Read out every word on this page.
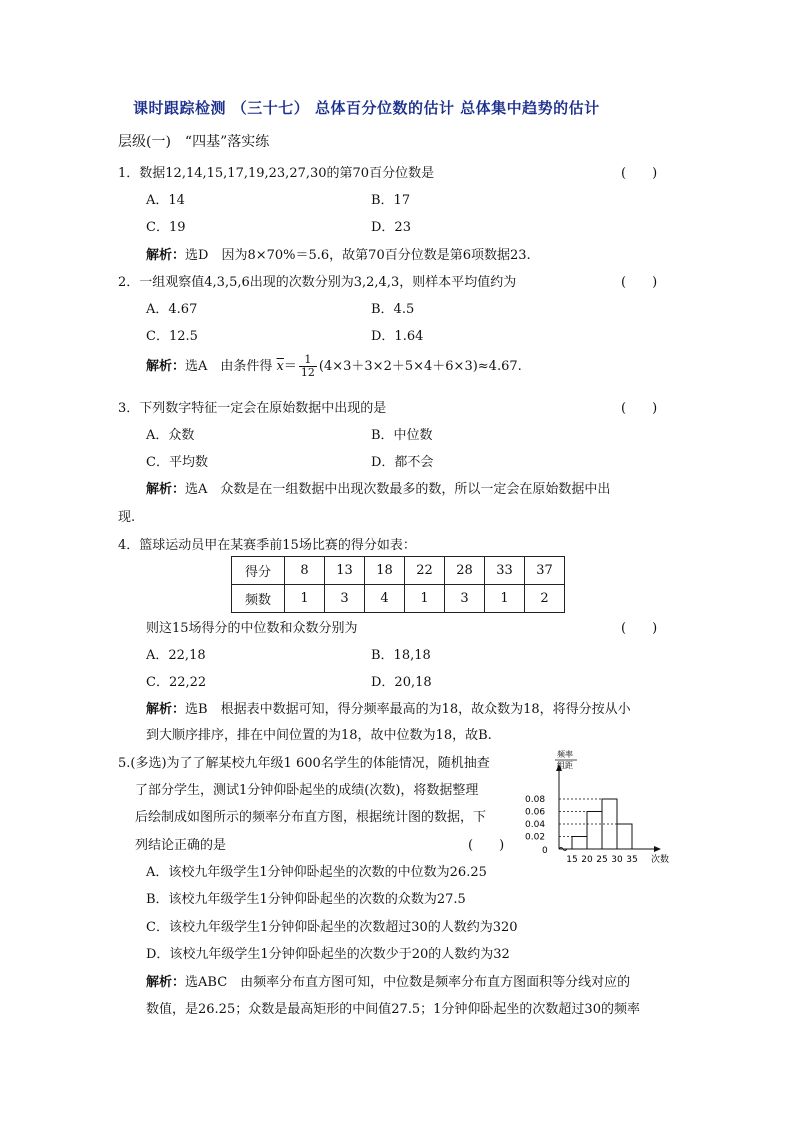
课时跟踪检测 （三十七） 总体百分位数的估计 总体集中趋势的估计
层级(一)　“四基”落实练
1．数据12,14,15,17,19,23,27,30的第70百分位数是	(　　)
A．14	B．17
C．19	D．23
解析：选D　因为8×70%＝5.6，故第70百分位数是第6项数据23.
2．一组观察值4,3,5,6出现的次数分别为3,2,4,3，则样本平均值约为	(　　)
A．4.67	B．4.5
C．12.5	D．1.64
解析：选A　由条件得 $\overline{x}= \frac{1}{12} (4\times 3+3\times 2+5\times 4+6\times 3)\approx 4.67$.
3．下列数字特征一定会在原始数据中出现的是	(　　)
A．众数	B．中位数
C．平均数	D．都不会
解析：选A　众数是在一组数据中出现次数最多的数，所以一定会在原始数据中出
现.
4．篮球运动员甲在某赛季前15场比赛的得分如表：
得分	8	13	18	22	28	33	37
频数	1	3	4	1	3	1	2
则这15场得分的中位数和众数分别为	(　　)
A．22,18	B．18,18
C．22,22	D．20,18
解析：选B　根据表中数据可知，得分频率最高的为18，故众数为18，将得分按从小
到大顺序排序，排在中间位置的为18，故中位数为18，故B.
5.(多选)为了了解某校九年级1 600名学生的体能情况，随机抽查
了部分学生，测试1分钟仰卧起坐的成绩(次数)，将数据整理
后绘制成如图所示的频率分布直方图，根据统计图的数据，下
列结论正确的是	(　　)
频率
组距
次数
0
0.08
0.06
0.04
0.02
15 20 25 30 35
A．该校九年级学生1分钟仰卧起坐的次数的中位数为26.25
B．该校九年级学生1分钟仰卧起坐的次数的众数为27.5
C．该校九年级学生1分钟仰卧起坐的次数超过30的人数约为320
D．该校九年级学生1分钟仰卧起坐的次数少于20的人数约为32
解析：选ABC　由频率分布直方图可知，中位数是频率分布直方图面积等分线对应的
数值，是26.25；众数是最高矩形的中间值27.5；1分钟仰卧起坐的次数超过30的频率
